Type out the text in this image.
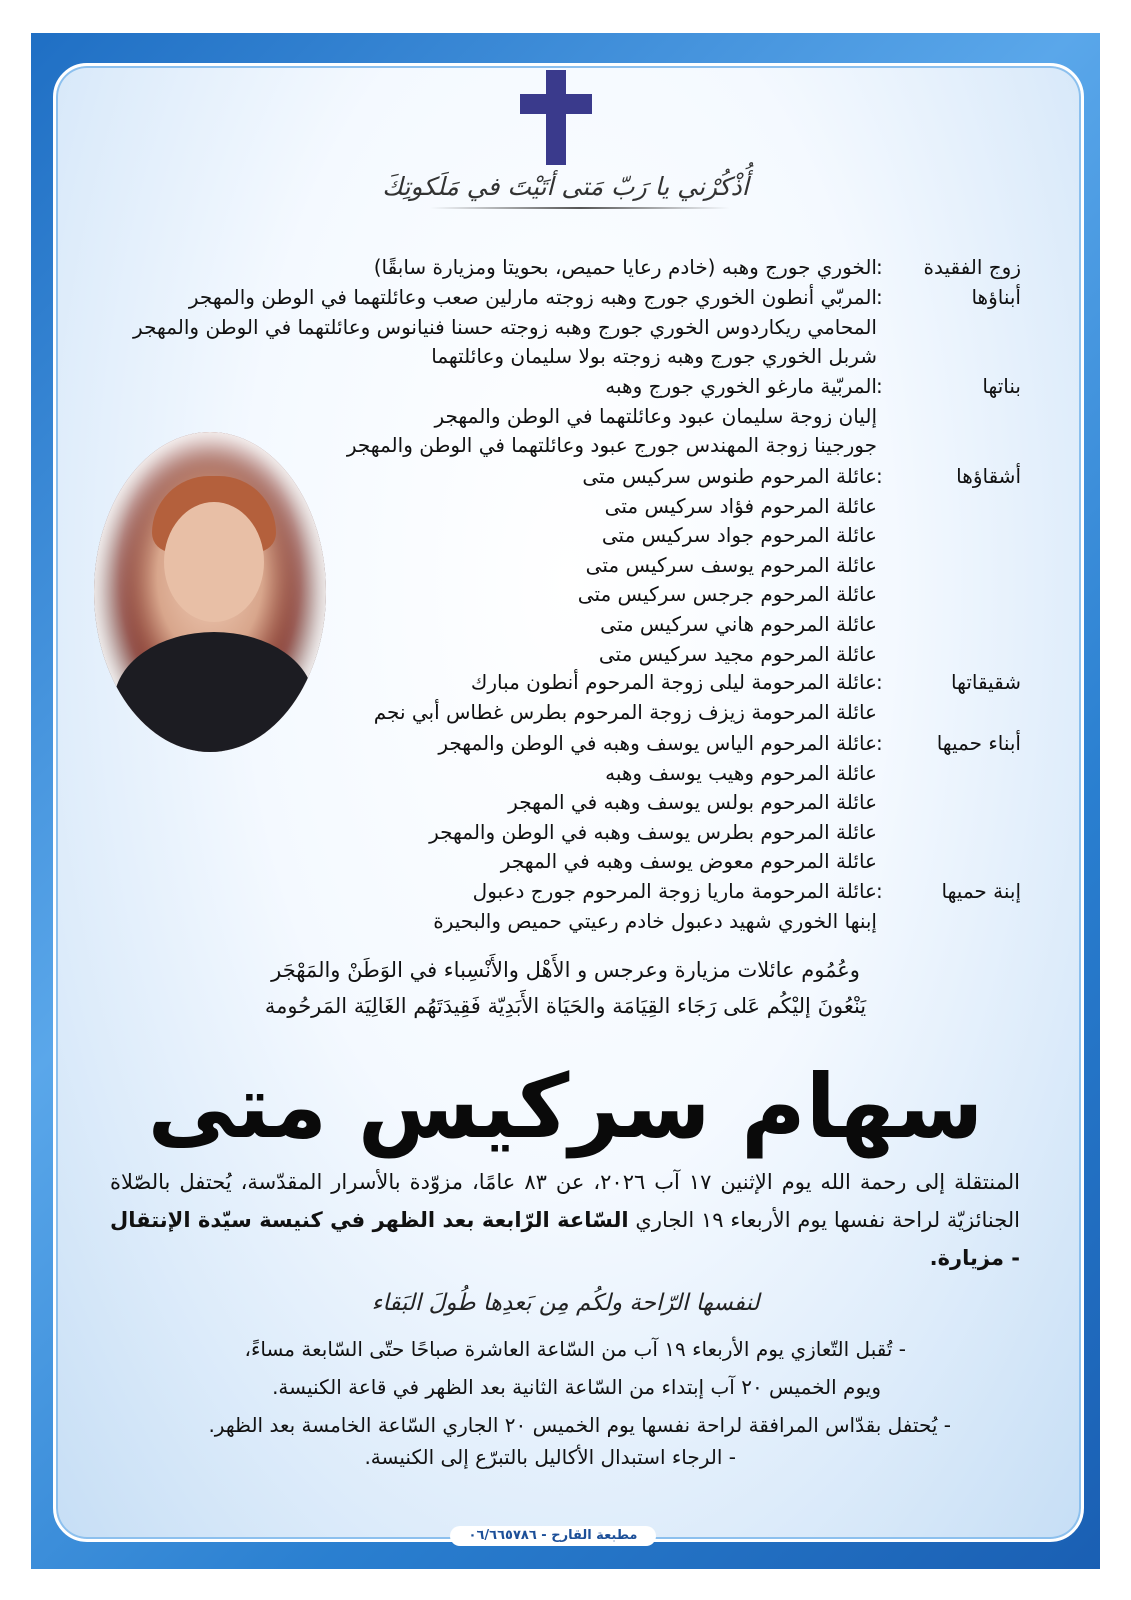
أُذْكُرْني يا رَبّ مَتى أتَيْتَ في مَلَكوتِكَ
زوج الفقيدة
:
الخوري جورج وهبه (خادم رعايا حميص، بحويتا ومزيارة سابقًا)
أبناؤها
:
المربّي أنطون الخوري جورج وهبه زوجته مارلين صعب وعائلتهما في الوطن والمهجر
المحامي ريكاردوس الخوري جورج وهبه زوجته حسنا فنيانوس وعائلتهما في الوطن والمهجر
شربل الخوري جورج وهبه زوجته بولا سليمان وعائلتهما
بناتها
:
المربّية مارغو الخوري جورج وهبه
إليان زوجة سليمان عبود وعائلتهما في الوطن والمهجر
جورجينا زوجة المهندس جورج عبود وعائلتهما في الوطن والمهجر
أشقاؤها
:
عائلة المرحوم طنوس سركيس متى
عائلة المرحوم فؤاد سركيس متى
عائلة المرحوم جواد سركيس متى
عائلة المرحوم يوسف سركيس متى
عائلة المرحوم جرجس سركيس متى
عائلة المرحوم هاني سركيس متى
عائلة المرحوم مجيد سركيس متى
شقيقاتها
:
عائلة المرحومة ليلى زوجة المرحوم أنطون مبارك
عائلة المرحومة زيزف زوجة المرحوم بطرس غطاس أبي نجم
أبناء حميها
:
عائلة المرحوم الياس يوسف وهبه في الوطن والمهجر
عائلة المرحوم وهيب يوسف وهبه
عائلة المرحوم بولس يوسف وهبه في المهجر
عائلة المرحوم بطرس يوسف وهبه في الوطن والمهجر
عائلة المرحوم معوض يوسف وهبه في المهجر
إبنة حميها
:
عائلة المرحومة ماريا زوجة المرحوم جورج دعبول
إبنها الخوري شهيد دعبول خادم رعيتي حميص والبحيرة
وعُمُوم عائلات مزيارة وعرجس و الأَهْل والأَنْسِباء في الوَطَنْ والمَهْجَر
يَنْعُونَ إليْكُم عَلى رَجَاء القِيَامَة والحَيَاة الأَبَدِيّة فَقِيدَتَهُم الغَالِيَة المَرحُومة
سهام سركيس متى
المنتقلة إلى رحمة الله يوم الإثنين ١٧ آب ٢٠٢٦، عن ٨٣ عامًا، مزوّدة بالأسرار المقدّسة، يُحتفل بالصّلاة الجنائزيّة لراحة نفسها يوم الأربعاء ١٩ الجاري السّاعة الرّابعة بعد الظهر في كنيسة سيّدة الإنتقال - مزيارة.
لنفسها الرّاحة ولكُم مِن بَعدِها طُولَ البَقاء
- تُقبل التّعازي يوم الأربعاء ١٩ آب من السّاعة العاشرة صباحًا حتّى السّابعة مساءً،
ويوم الخميس ٢٠ آب إبتداء من السّاعة الثانية بعد الظهر في قاعة الكنيسة.
- يُحتفل بقدّاس المرافقة لراحة نفسها يوم الخميس ٢٠ الجاري السّاعة الخامسة بعد الظهر.
- الرجاء استبدال الأكاليل بالتبرّع إلى الكنيسة.
مطبعة القارح - ٠٦/٦٦٥٧٨٦
